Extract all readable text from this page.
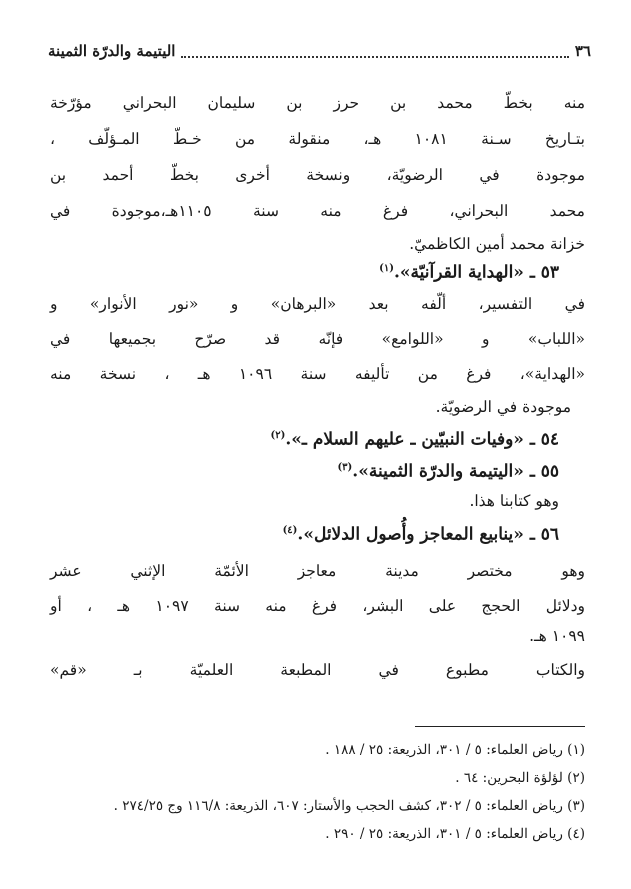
٣٦
اليتيمة والدرّة الثمينة
منه بخطّ محمد بن حرز بن سليمان البحراني مؤرّخة
بتـاريخ سـنة ١٠٨١ هـ، منقولة من خـطّ المـؤلّف ،
موجودة في الرضويّة، ونسخة أخرى بخطّ أحمد بن
محمد البحراني، فرغ منه سنة ١١٠٥هـ،موجودة في
خزانة محمد أمين الكاظميّ.
٥٣ ـ «الهداية القرآنيّة».$^{(١)}$
في التفسير، ألّفه بعد «البرهان» و «نور الأنوار» و
«اللباب» و «اللوامع» فإنّه قد صرّح بجميعها في
«الهداية»، فرغ من تأليفه سنة ١٠٩٦ هـ ، نسخة منه
موجودة في الرضويّة.
٥٤ ـ «وفيات النبيّين ـ عليهم السلام ـ».$^{(٢)}$
٥٥ ـ «اليتيمة والدرّة الثمينة».$^{(٣)}$
وهو كتابنا هذا.
٥٦ ـ «ينابيع المعاجز وأُصول الدلائل».$^{(٤)}$
وهو مختصر مدينة معاجز الأئمّة الإثني عشر
ودلائل الحجج على البشر، فرغ منه سنة ١٠٩٧ هـ ، أو
١٠٩٩ هـ.
والكتاب مطبوع في المطبعة العلميّة بـ «قم»
(١) رياض العلماء: ٥ / ٣٠١، الذريعة: ٢٥ / ١٨٨ .
(٢) لؤلؤة البحرين: ٦٤ .
(٣) رياض العلماء: ٥ / ٣٠٢، كشف الحجب والأستار: ٦٠٧، الذريعة: ١١٦/٨ وج ٢٧٤/٢٥ .
(٤) رياض العلماء: ٥ / ٣٠١، الذريعة: ٢٥ / ٢٩٠ .
